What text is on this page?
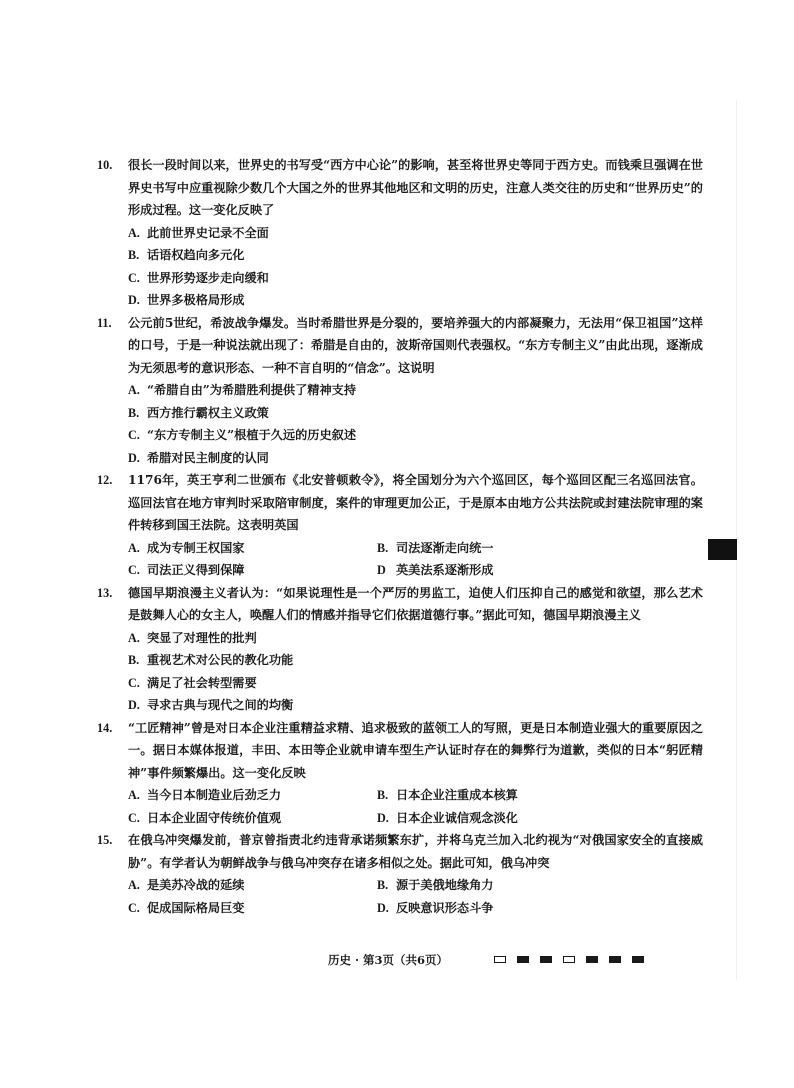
10. 很长一段时间以来，世界史的书写受“西方中心论”的影响，甚至将世界史等同于西方史。而钱乘旦强调在世界史书写中应重视除少数几个大国之外的世界其他地区和文明的历史，注意人类交往的历史和“世界历史”的形成过程。这一变化反映了
A. 此前世界史记录不全面
B. 话语权趋向多元化
C. 世界形势逐步走向缓和
D. 世界多极格局形成
11. 公元前5世纪，希波战争爆发。当时希腊世界是分裂的，要培养强大的内部凝聚力，无法用“保卫祖国”这样的口号，于是一种说法就出现了：希腊是自由的，波斯帝国则代表强权。“东方专制主义”由此出现，逐渐成为无须思考的意识形态、一种不言自明的“信念”。这说明
A. “希腊自由”为希腊胜利提供了精神支持
B. 西方推行霸权主义政策
C. “东方专制主义”根植于久远的历史叙述
D. 希腊对民主制度的认同
12. 1176年，英王亨利二世颁布《北安普顿敕令》，将全国划分为六个巡回区，每个巡回区配三名巡回法官。巡回法官在地方审判时采取陪审制度，案件的审理更加公正，于是原本由地方公共法院或封建法院审理的案件转移到国王法院。这表明英国
A. 成为专制王权国家	B. 司法逐渐走向统一
C. 司法正义得到保障	D 英美法系逐渐形成
13. 德国早期浪漫主义者认为：“如果说理性是一个严厉的男监工，迫使人们压抑自己的感觉和欲望，那么艺术是鼓舞人心的女主人，唤醒人们的情感并指导它们依据道德行事。”据此可知，德国早期浪漫主义
A. 突显了对理性的批判
B. 重视艺术对公民的教化功能
C. 满足了社会转型需要
D. 寻求古典与现代之间的均衡
14. “工匠精神”曾是对日本企业注重精益求精、追求极致的蓝领工人的写照，更是日本制造业强大的重要原因之一。据日本媒体报道，丰田、本田等企业就申请车型生产认证时存在的舞弊行为道歉，类似的日本“躬匠精神”事件频繁爆出。这一变化反映
A. 当今日本制造业后劲乏力	B. 日本企业注重成本核算
C. 日本企业固守传统价值观	D. 日本企业诚信观念淡化
15. 在俄乌冲突爆发前，普京曾指责北约违背承诺频繁东扩，并将乌克兰加入北约视为“对俄国家安全的直接威胁”。有学者认为朝鲜战争与俄乌冲突存在诸多相似之处。据此可知，俄乌冲突
A. 是美苏冷战的延续	B. 源于美俄地缘角力
C. 促成国际格局巨变	D. 反映意识形态斗争
历史 · 第3页（共6页）
